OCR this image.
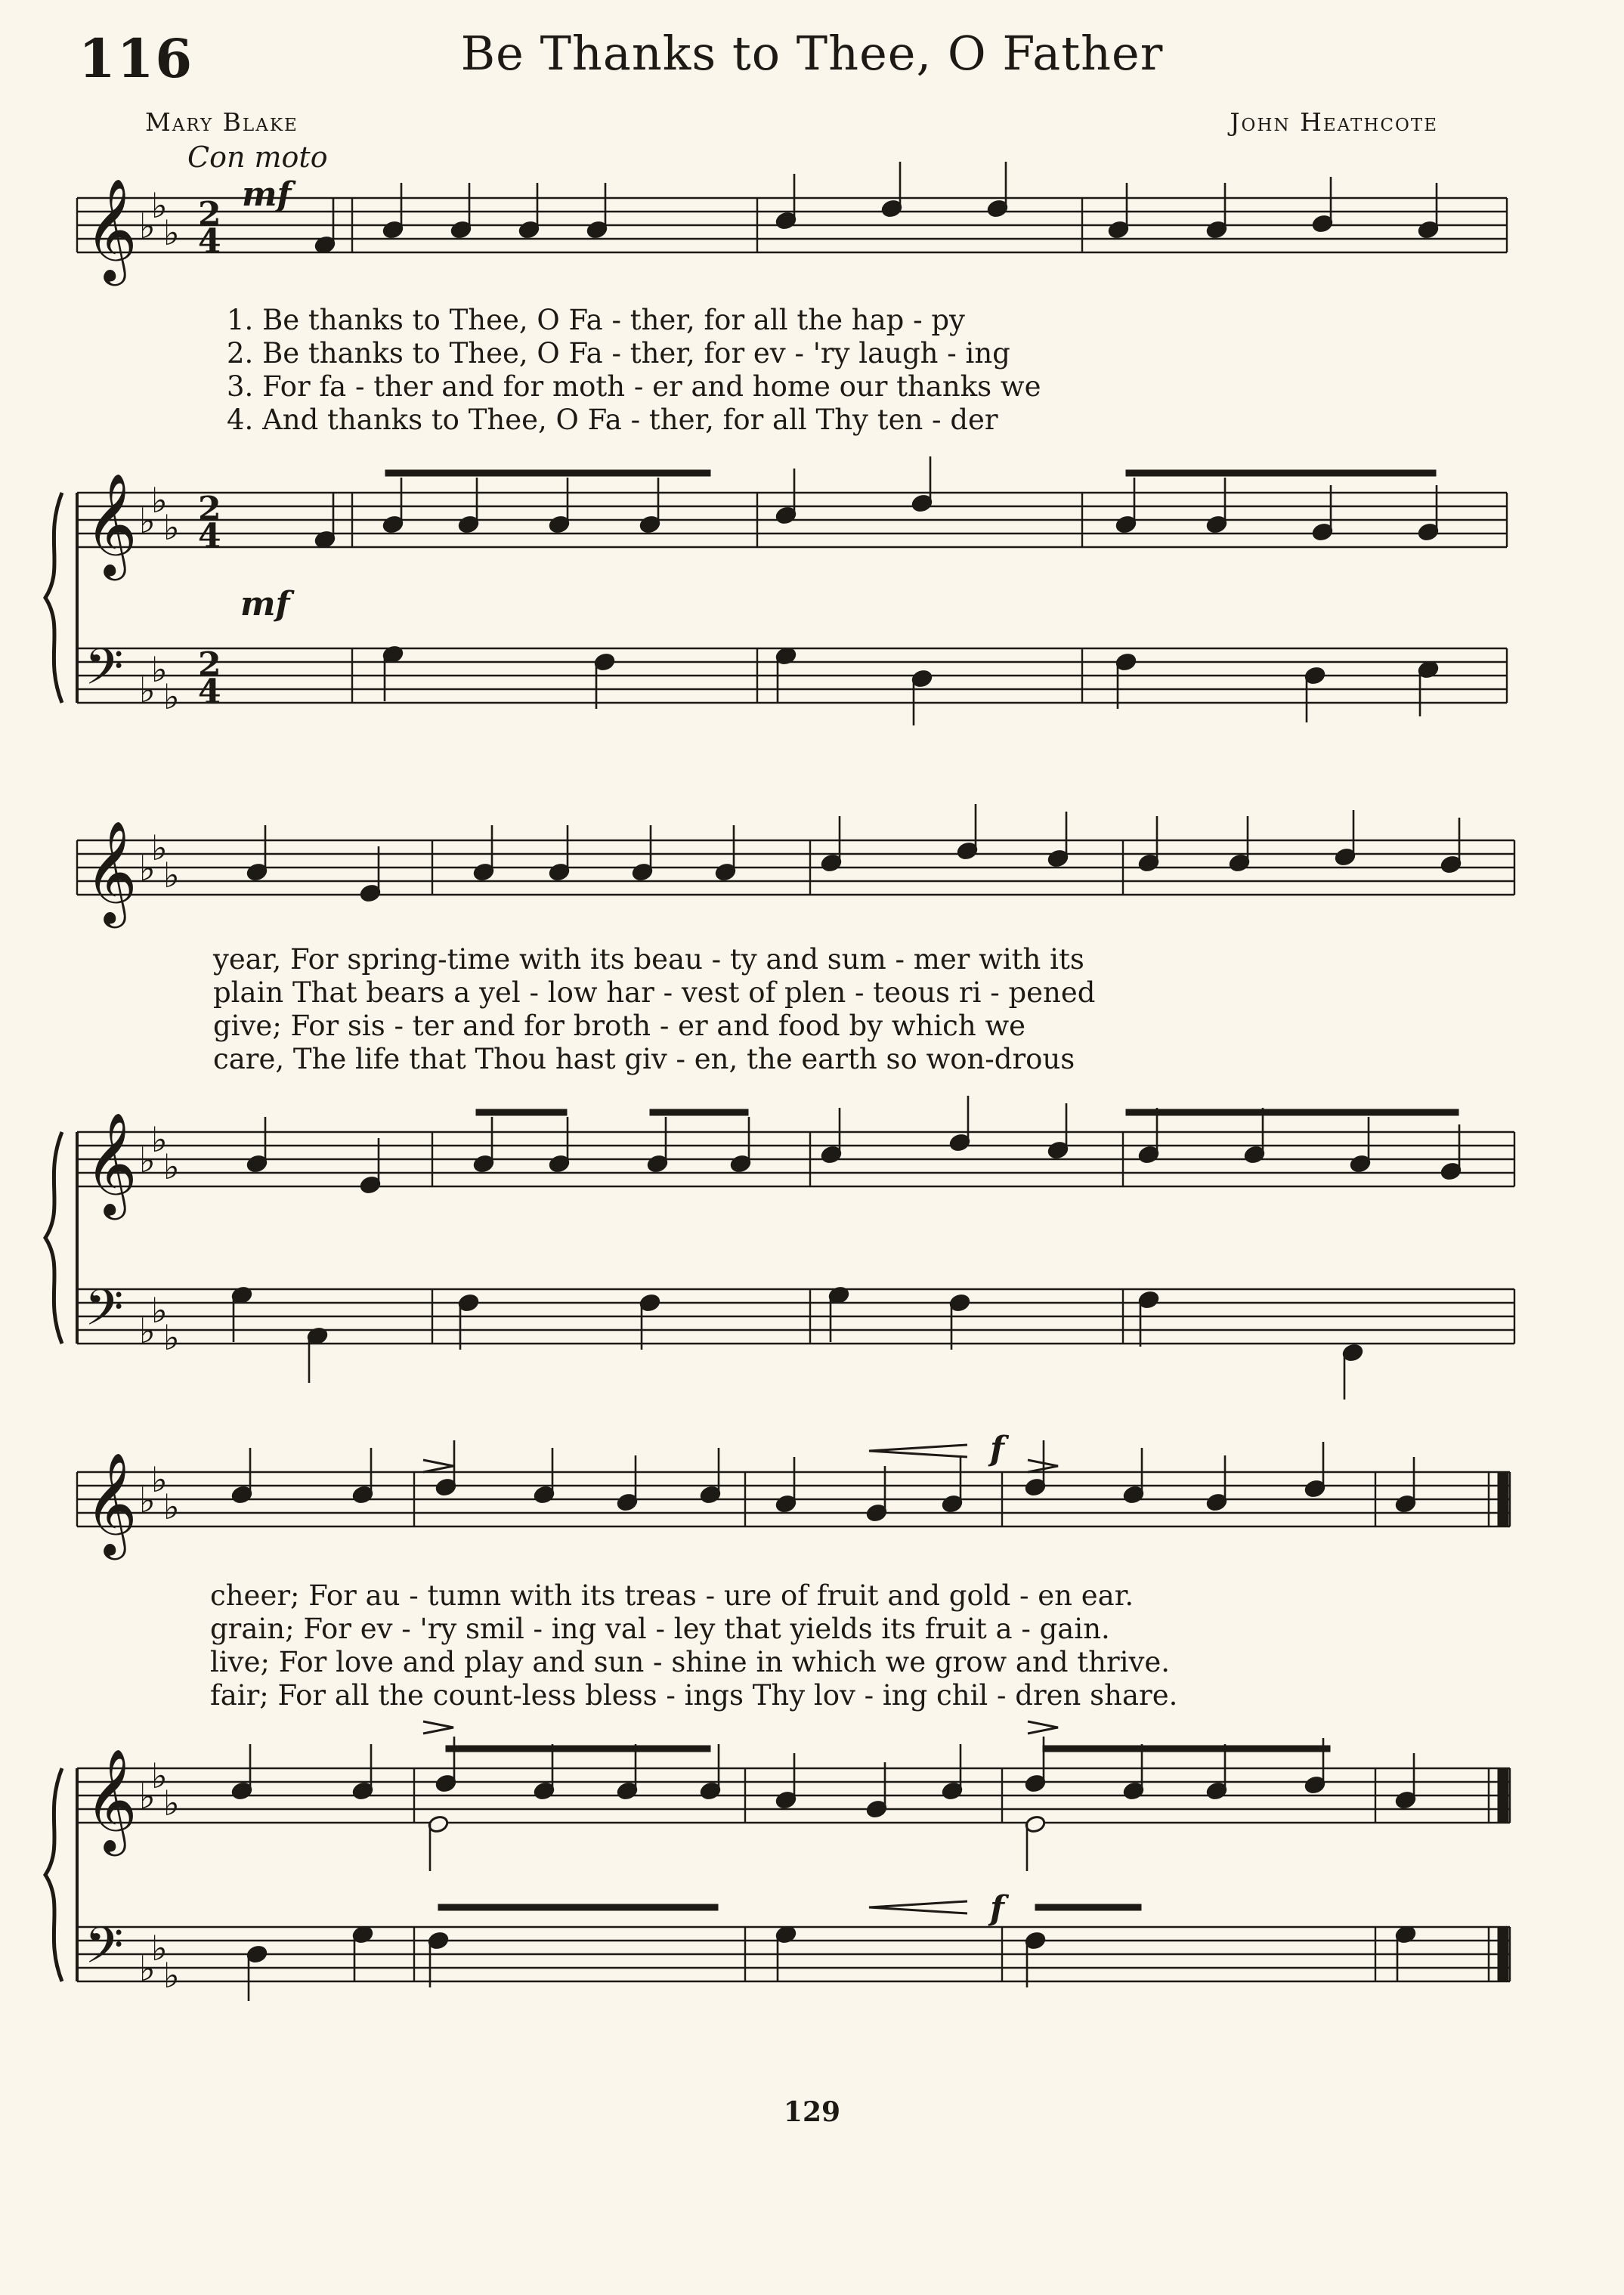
116	Be Thanks to Thee, O Father
Mary Blake	John Heathcote
Con moto
𝄞 ♭
♭
♭ 2
4
𝄞 ♭
♭
♭ 2
4
𝄢 ♭
♭
♭
2
4
mf
mf
𝄞 ♭
♭
♭
𝄞 ♭
♭
♭
𝄢 ♭
♭
♭
𝄞 ♭
♭
♭
𝄞 ♭
♭
♭
𝄢 ♭
♭
♭
f
f
1. Be thanks to Thee, O Fa - ther, for all the hap - py
2. Be thanks to Thee, O Fa - ther, for ev - 'ry laugh - ing
3. For fa - ther and for moth - er and home our thanks we
4. And thanks to Thee, O Fa - ther, for all Thy ten - der
year, For spring-time with its beau - ty and sum - mer with its
plain That bears a yel - low har - vest of plen - teous ri - pened
give; For sis - ter and for broth - er and food by which we
care, The life that Thou hast giv - en, the earth so won-drous
cheer; For au - tumn with its treas - ure of fruit and gold - en ear.
grain; For ev - 'ry smil - ing val - ley that yields its fruit a - gain.
live; For love and play and sun - shine in which we grow and thrive.
fair; For all the count-less bless - ings Thy lov - ing chil - dren share.
129
